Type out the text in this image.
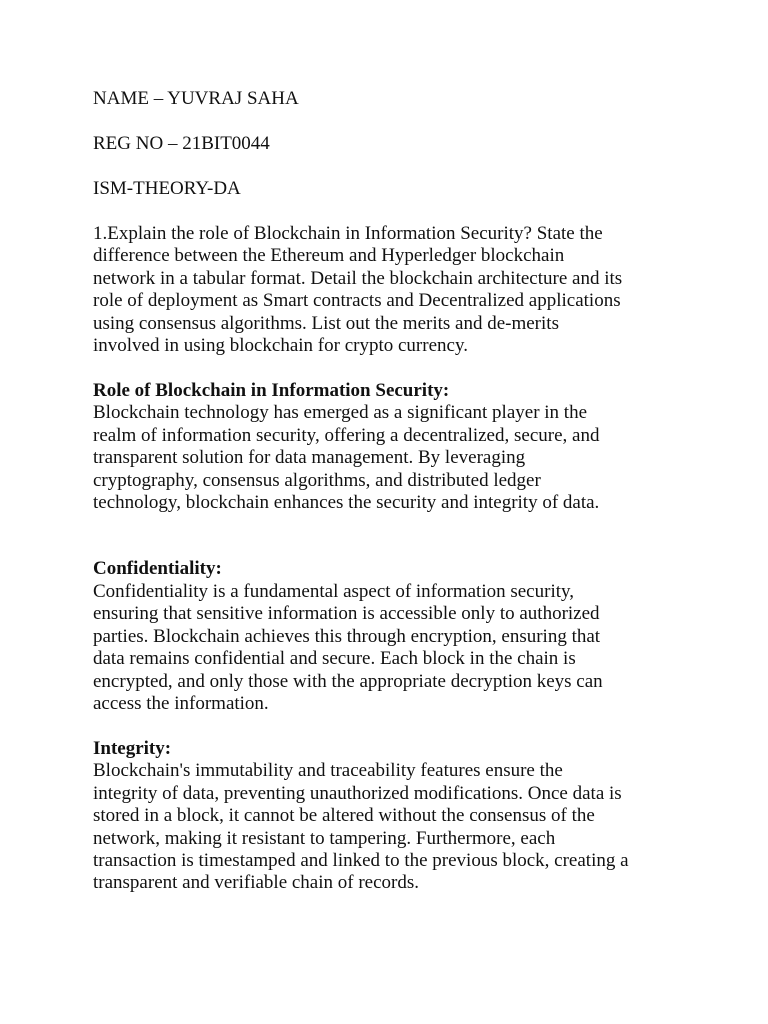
NAME – YUVRAJ SAHA
REG NO – 21BIT0044
ISM-THEORY-DA

1.Explain the role of Blockchain in Information Security? State the
difference between the Ethereum and Hyperledger blockchain
network in a tabular format. Detail the blockchain architecture and its
role of deployment as Smart contracts and Decentralized applications
using consensus algorithms. List out the merits and de-merits
involved in using blockchain for crypto currency.

Role of Blockchain in Information Security:

Blockchain technology has emerged as a significant player in the
realm of information security, offering a decentralized, secure, and
transparent solution for data management. By leveraging
cryptography, consensus algorithms, and distributed ledger
technology, blockchain enhances the security and integrity of data.

Confidentiality:

Confidentiality is a fundamental aspect of information security,
ensuring that sensitive information is accessible only to authorized
parties. Blockchain achieves this through encryption, ensuring that
data remains confidential and secure. Each block in the chain is
encrypted, and only those with the appropriate decryption keys can
access the information.

Integrity:

Blockchain's immutability and traceability features ensure the
integrity of data, preventing unauthorized modifications. Once data is
stored in a block, it cannot be altered without the consensus of the
network, making it resistant to tampering. Furthermore, each
transaction is timestamped and linked to the previous block, creating a
transparent and verifiable chain of records.
